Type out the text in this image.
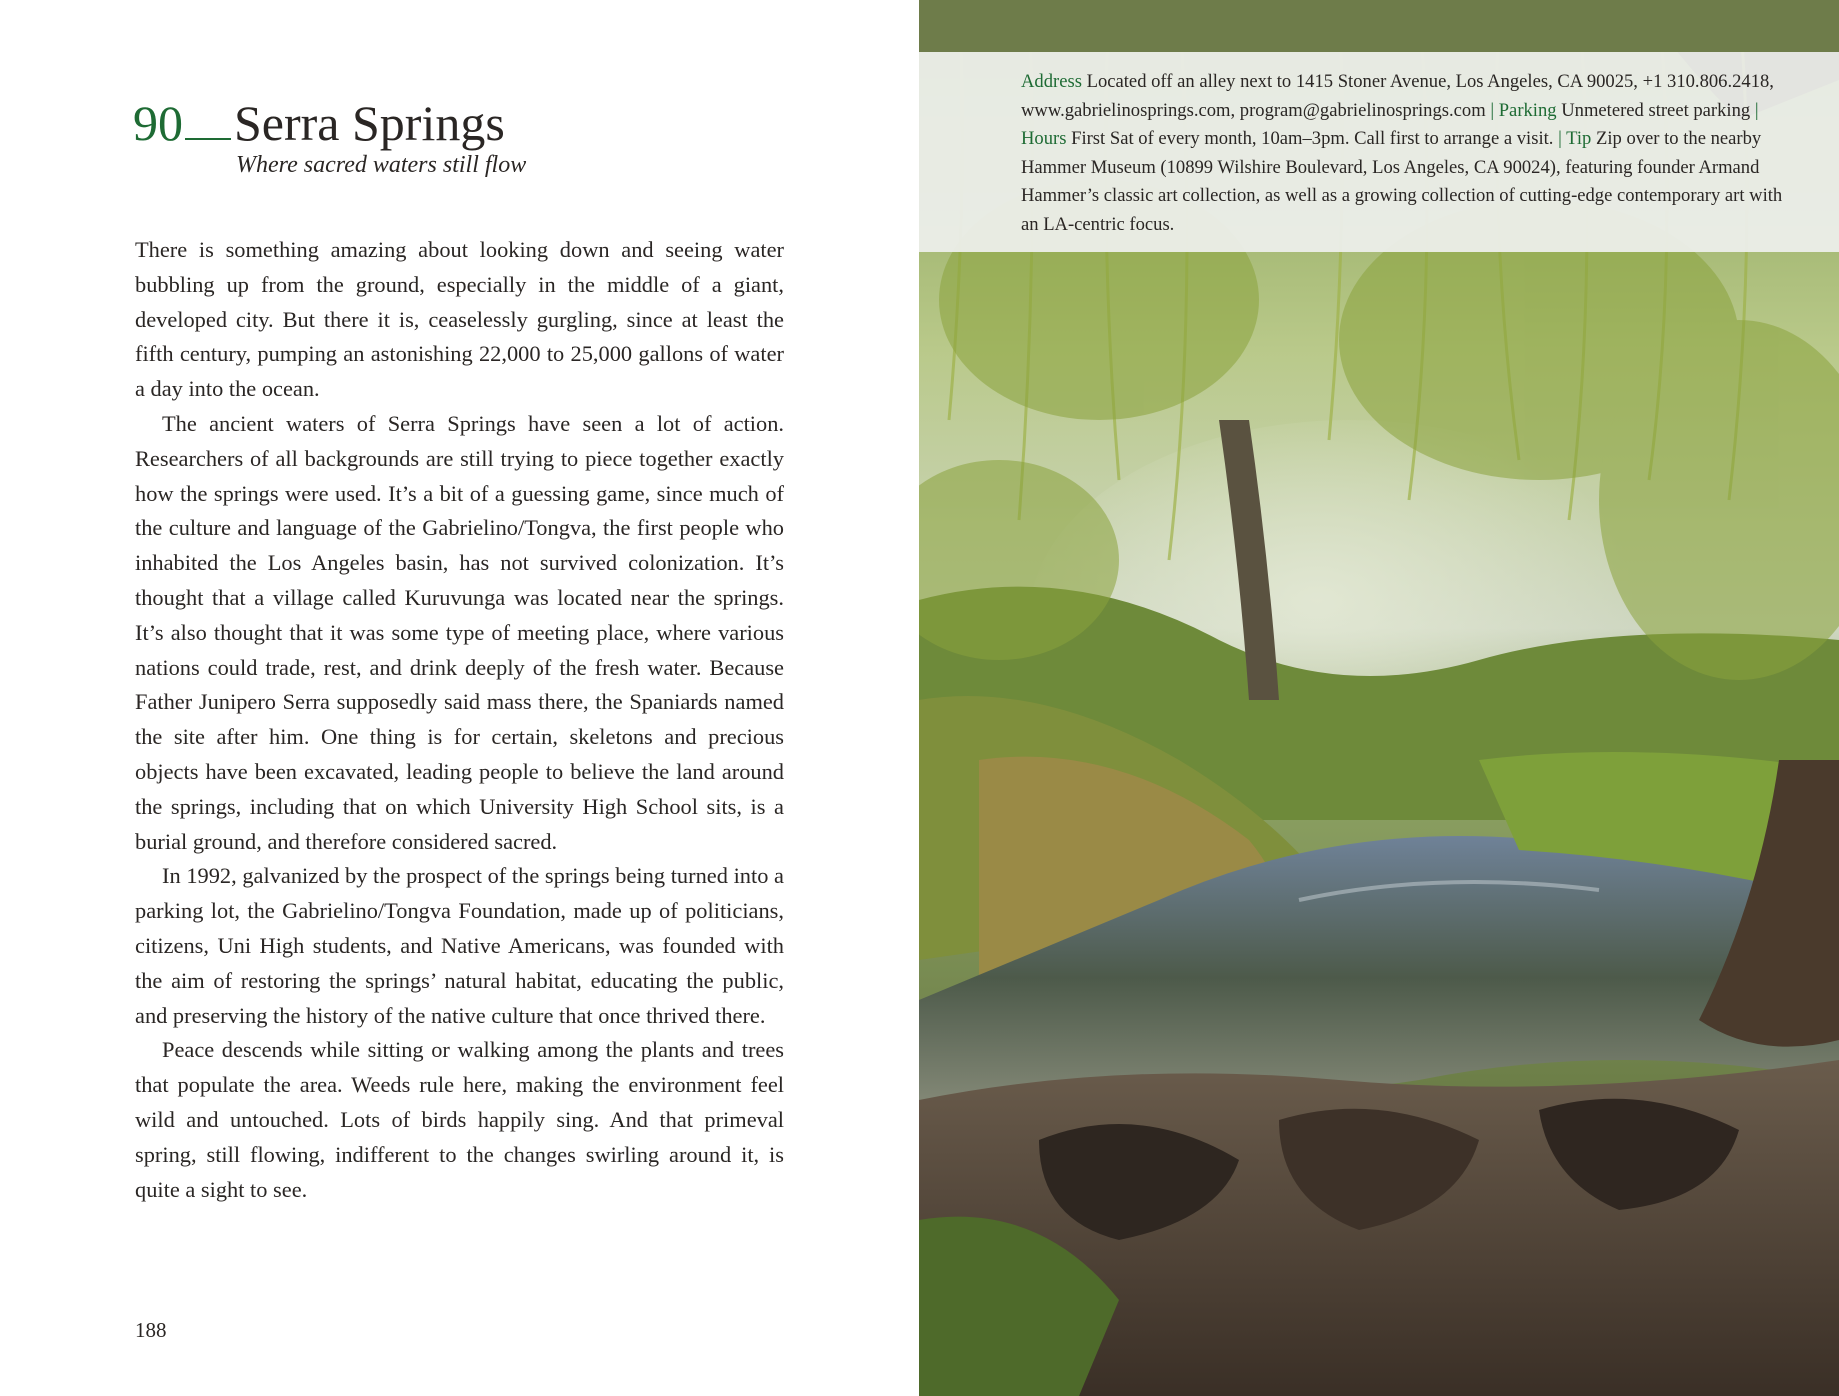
90 Serra Springs
Where sacred waters still flow

There is something amazing about looking down and seeing water bubbling up from the ground, especially in the middle of a giant, developed city. But there it is, ceaselessly gurgling, since at least the fifth century, pumping an astonishing 22,000 to 25,000 gallons of water a day into the ocean.

The ancient waters of Serra Springs have seen a lot of action. Researchers of all backgrounds are still trying to piece together exactly how the springs were used. It’s a bit of a guessing game, since much of the culture and language of the Gabrielino/Tongva, the first people who inhabited the Los Angeles basin, has not survived colonization. It’s thought that a village called Kuruvunga was located near the springs. It’s also thought that it was some type of meeting place, where various nations could trade, rest, and drink deeply of the fresh water. Because Father Junipero Serra supposedly said mass there, the Spaniards named the site after him. One thing is for certain, skeletons and precious objects have been excavated, leading people to believe the land around the springs, including that on which University High School sits, is a burial ground, and therefore considered sacred.

In 1992, galvanized by the prospect of the springs being turned into a parking lot, the Gabrielino/Tongva Foundation, made up of politicians, citizens, Uni High students, and Native Americans, was founded with the aim of restoring the springs’ natural habitat, educating the public, and preserving the history of the native culture that once thrived there.

Peace descends while sitting or walking among the plants and trees that populate the area. Weeds rule here, making the environment feel wild and untouched. Lots of birds happily sing. And that primeval spring, still flowing, indifferent to the changes swirling around it, is quite a sight to see.

188
Address Located off an alley next to 1415 Stoner Avenue, Los Angeles, CA 90025, +1 310.806.2418, www.gabrielinosprings.com, program@gabrielinosprings.com | Parking Unmetered street parking | Hours First Sat of every month, 10am–3pm. Call first to arrange a visit. | Tip Zip over to the nearby Hammer Museum (10899 Wilshire Boulevard, Los Angeles, CA 90024), featuring founder Armand Hammer’s classic art collection, as well as a growing collection of cutting-edge contemporary art with an LA-centric focus.
